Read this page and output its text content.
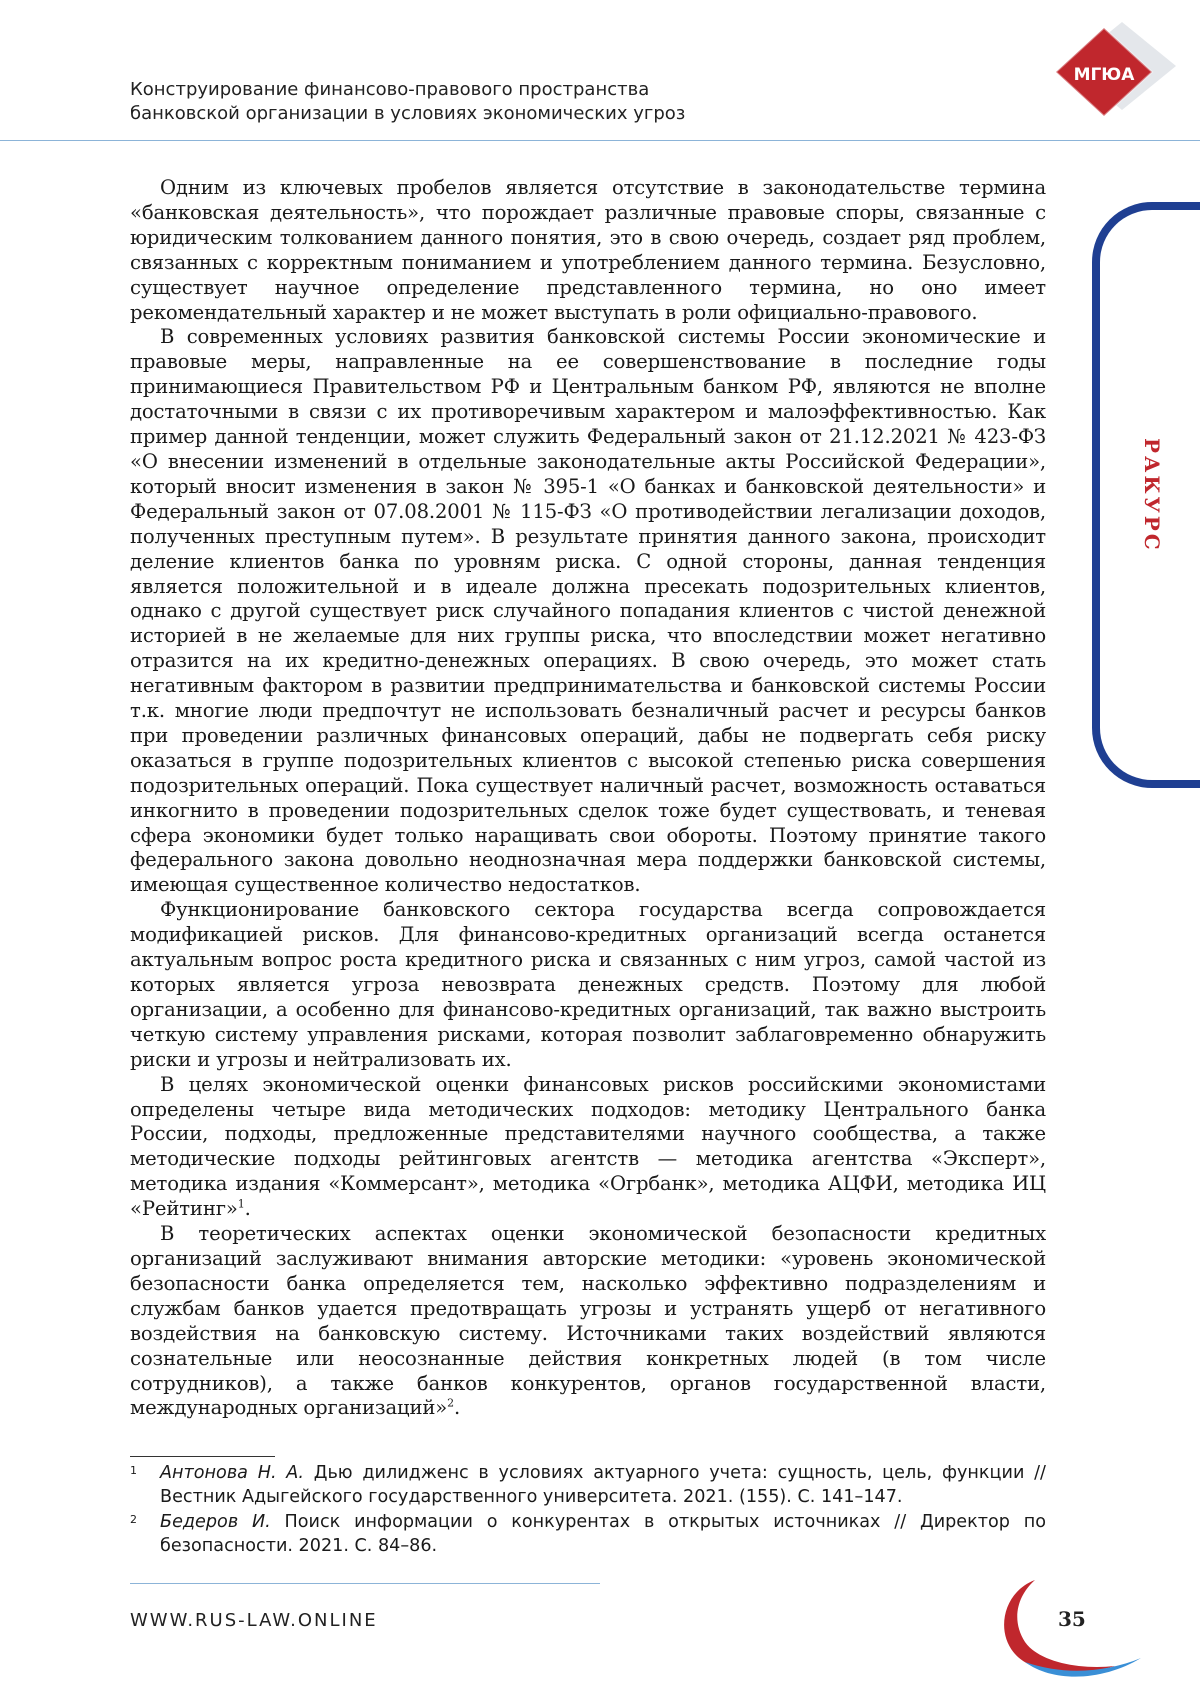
Конструирование финансово-правового пространства
банковской организации в условиях экономических угроз
МГЮА
РАКУРС

Одним из ключевых пробелов является отсутствие в законодательстве термина «банковская деятельность», что порождает различные правовые споры, связанные с юридическим толкованием данного понятия, это в свою очередь, создает ряд проблем, связанных с корректным пониманием и употреблением данного термина. Безусловно, существует научное определение представленного термина, но оно имеет рекомендательный характер и не может выступать в роли официально-правового.

В современных условиях развития банковской системы России экономические и правовые меры, направленные на ее совершенствование в последние годы принимающиеся Правительством РФ и Центральным банком РФ, являются не вполне достаточными в связи с их противоречивым характером и малоэффективностью. Как пример данной тенденции, может служить Федеральный закон от 21.12.2021 № 423-ФЗ «О внесении изменений в отдельные законодательные акты Российской Федерации», который вносит изменения в закон № 395-1 «О банках и банковской деятельности» и Федеральный закон от 07.08.2001 № 115-ФЗ «О противодействии легализации доходов, полученных преступным путем». В результате принятия данного закона, происходит деление клиентов банка по уровням риска. С одной стороны, данная тенденция является положительной и в идеале должна пресекать подозрительных клиентов, однако с другой существует риск случайного попадания клиентов с чистой денежной историей в не желаемые для них группы риска, что впоследствии может негативно отразится на их кредитно-денежных операциях. В свою очередь, это может стать негативным фактором в развитии предпринимательства и банковской системы России т.к. многие люди предпочтут не использовать безналичный расчет и ресурсы банков при проведении различных финансовых операций, дабы не подвергать себя риску оказаться в группе подозрительных клиентов с высокой степенью риска совершения подозрительных операций. Пока существует наличный расчет, возможность оставаться инкогнито в проведении подозрительных сделок тоже будет существовать, и теневая сфера экономики будет только наращивать свои обороты. Поэтому принятие такого федерального закона довольно неоднозначная мера поддержки банковской системы, имеющая существенное количество недостатков.

Функционирование банковского сектора государства всегда сопровождается модификацией рисков. Для финансово-кредитных организаций всегда останется актуальным вопрос роста кредитного риска и связанных с ним угроз, самой частой из которых является угроза невозврата денежных средств. Поэтому для любой организации, а особенно для финансово-кредитных организаций, так важно выстроить четкую систему управления рисками, которая позволит заблаговременно обнаружить риски и угрозы и нейтрализовать их.

В целях экономической оценки финансовых рисков российскими экономистами определены четыре вида методических подходов: методику Центрального банка России, подходы, предложенные представителями научного сообщества, а также методические подходы рейтинговых агентств — методика агентства «Эксперт», методика издания «Коммерсант», методика «Огрбанк», методика АЦФИ, методика ИЦ «Рейтинг»1.

В теоретических аспектах оценки экономической безопасности кредитных организаций заслуживают внимания авторские методики: «уровень экономической безопасности банка определяется тем, насколько эффективно подразделениям и службам банков удается предотвращать угрозы и устранять ущерб от негативного воздействия на банковскую систему. Источниками таких воздействий являются сознательные или неосознанные действия конкретных людей (в том числе сотрудников), а также банков конкурентов, органов государственной власти, международных организаций»2.

1 Антонова Н. А. Дью дилидженс в условиях актуарного учета: сущность, цель, функции // Вестник Адыгейского государственного университета. 2021. (155). С. 141–147.
2 Бедеров И. Поиск информации о конкурентах в открытых источниках // Директор по безопасности. 2021. С. 84–86.
WWW.RUS-LAW.ONLINE	35
